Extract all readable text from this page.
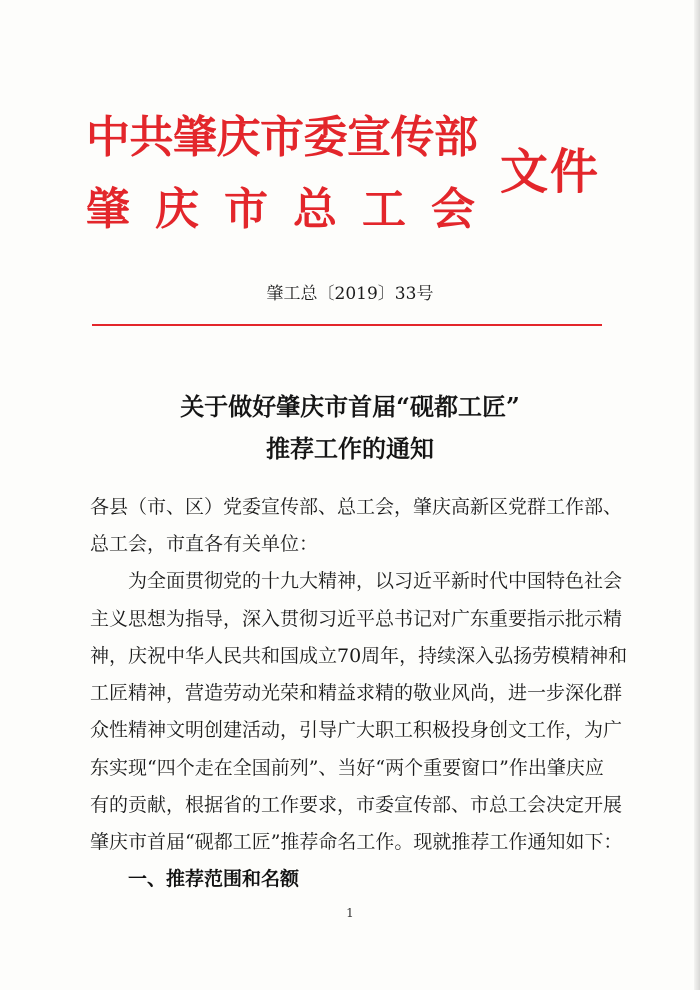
中共肇庆市委宣传部
肇庆市总工会
文件
肇工总〔2019〕33号
关于做好肇庆市首届“砚都工匠”
推荐工作的通知
各县（市、区）党委宣传部、总工会，肇庆高新区党群工作部、
总工会，市直各有关单位：
　　为全面贯彻党的十九大精神，以习近平新时代中国特色社会
主义思想为指导，深入贯彻习近平总书记对广东重要指示批示精
神，庆祝中华人民共和国成立70周年，持续深入弘扬劳模精神和
工匠精神，营造劳动光荣和精益求精的敬业风尚，进一步深化群
众性精神文明创建活动，引导广大职工积极投身创文工作，为广
东实现“四个走在全国前列”、当好“两个重要窗口”作出肇庆应
有的贡献，根据省的工作要求，市委宣传部、市总工会决定开展
一、推荐范围和名额
1
肇庆市首届“砚都工匠”推荐命名工作。现就推荐工作通知如下：
